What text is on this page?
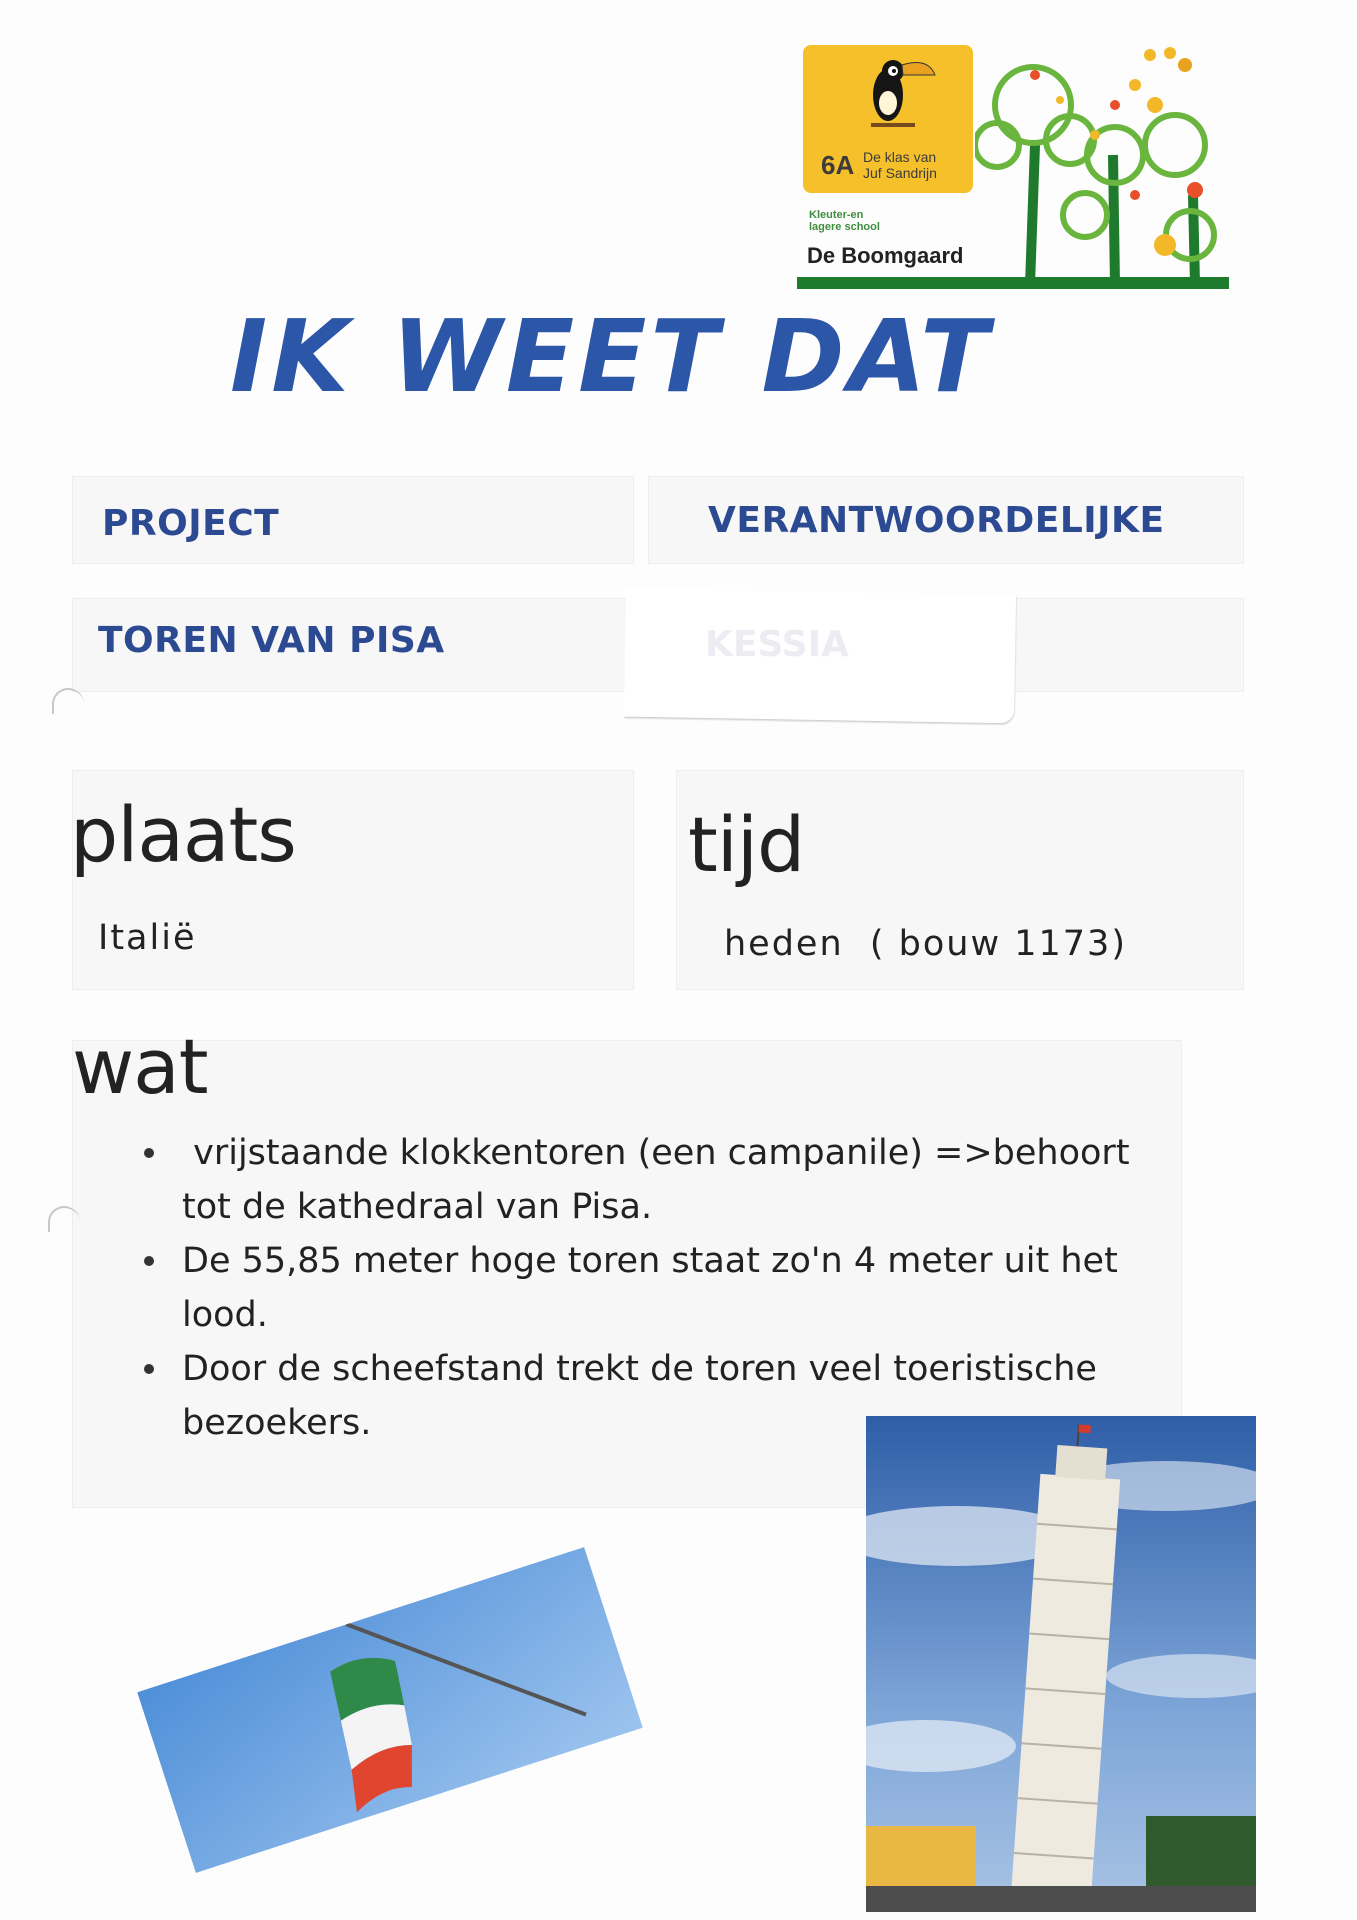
6A De klas van
Juf Sandrijn
Kleuter-en
lagere school
De Boomgaard
IK WEET DAT
PROJECT	VERANTWOORDELIJKE
TOREN VAN PISA	KESSIA
plaats
Italië
tijd
heden  ( bouw 1173)
wat
vrijstaande klokkentoren (een campanile) =>behoort
tot de kathedraal van Pisa.
De 55,85 meter hoge toren staat zo'n 4 meter uit het
lood.
Door de scheefstand trekt de toren veel toeristische
bezoekers.
